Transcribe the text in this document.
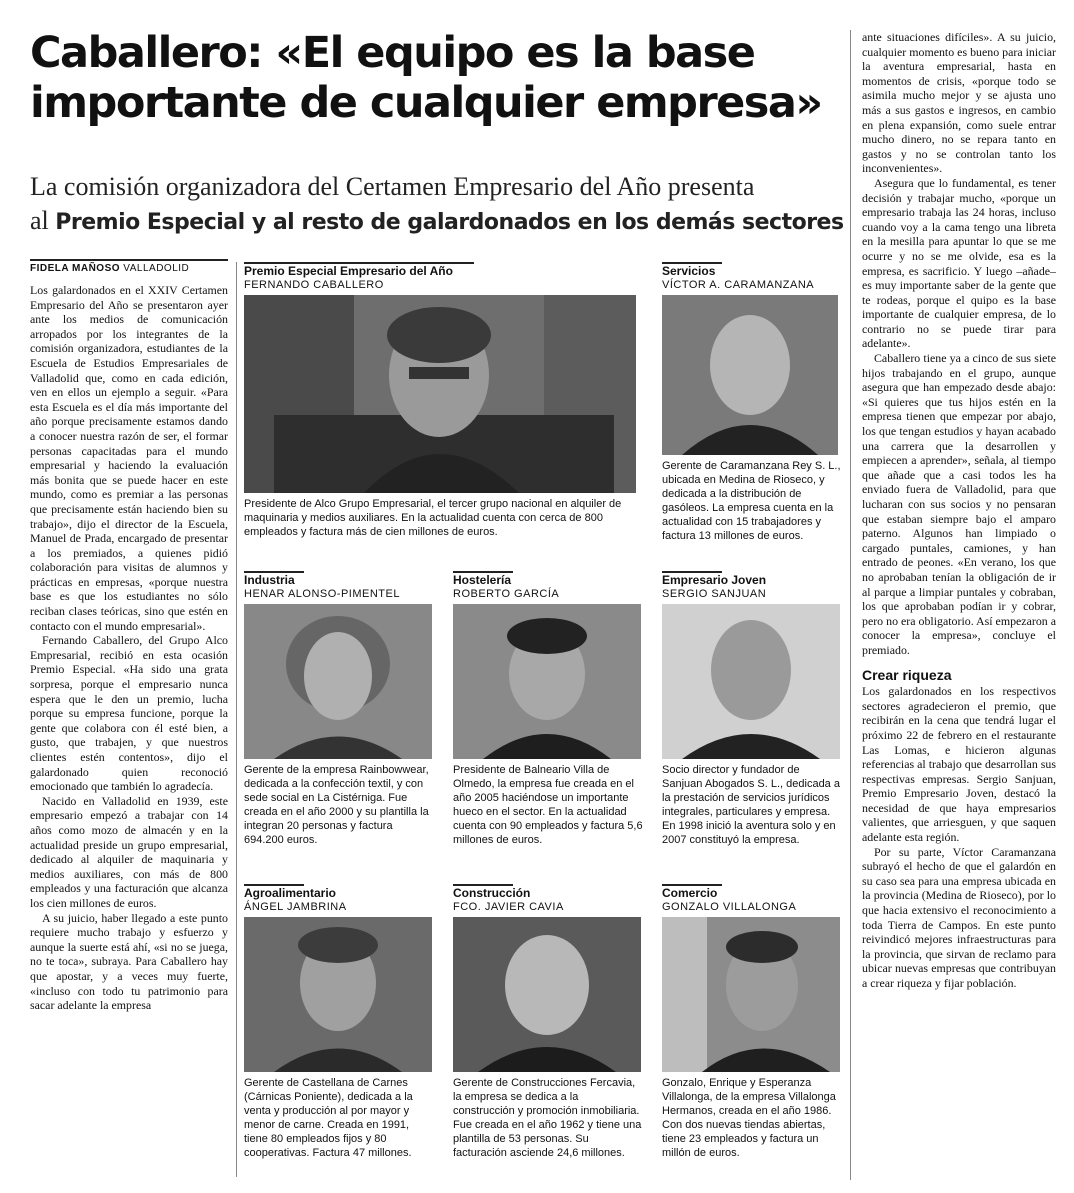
Caballero: «El equipo es la base
importante de cualquier empresa»
La comisión organizadora del Certamen Empresario del Año presenta
al Premio Especial y al resto de galardonados en los demás sectores
FIDELA MAÑOSO VALLADOLID

Los galardonados en el XXIV Certamen Empresario del Año se presentaron ayer ante los medios de comunicación arropados por los integrantes de la comisión organizadora, estudiantes de la Escuela de Estudios Empresariales de Valladolid que, como en cada edición, ven en ellos un ejemplo a seguir. «Para esta Escuela es el día más importante del año porque precisamente estamos dando a conocer nuestra razón de ser, el formar personas capacitadas para el mundo empresarial y haciendo la evaluación más bonita que se puede hacer en este mundo, como es premiar a las personas que precisamente están haciendo bien su trabajo», dijo el director de la Escuela, Manuel de Prada, encargado de presentar a los premiados, a quienes pidió colaboración para visitas de alumnos y prácticas en empresas, «porque nuestra base es que los estudiantes no sólo reciban clases teóricas, sino que estén en contacto con el mundo empresarial».

Fernando Caballero, del Grupo Alco Empresarial, recibió en esta ocasión Premio Especial. «Ha sido una grata sorpresa, porque el empresario nunca espera que le den un premio, lucha porque su empresa funcione, porque la gente que colabora con él esté bien, a gusto, que trabajen, y que nuestros clientes estén contentos», dijo el galardonado quien reconoció emocionado que también lo agradecía.

Nacido en Valladolid en 1939, este empresario empezó a trabajar con 14 años como mozo de almacén y en la actualidad preside un grupo empresarial, dedicado al alquiler de maquinaria y medios auxiliares, con más de 800 empleados y una facturación que alcanza los cien millones de euros.

A su juicio, haber llegado a este punto requiere mucho trabajo y esfuerzo y aunque la suerte está ahí, «si no se juega, no te toca», subraya. Para Caballero hay que apostar, y a veces muy fuerte, «incluso con todo tu patrimonio para sacar adelante la empresa

Premio Especial Empresario del Año
FERNANDO CABALLERO
Presidente de Alco Grupo Empresarial, el tercer grupo nacional en alquiler de maquinaria y medios auxiliares. En la actualidad cuenta con cerca de 800 empleados y factura más de cien millones de euros.
Servicios
VÍCTOR A. CARAMANZANA
Gerente de Caramanzana Rey S. L., ubicada en Medina de Rioseco, y dedicada a la distribución de gasóleos. La empresa cuenta en la actualidad con 15 trabajadores y factura 13 millones de euros.
Industria
HENAR ALONSO-PIMENTEL
Gerente de la empresa Rainbowwear, dedicada a la confección textil, y con sede social en La Cistérniga. Fue creada en el año 2000 y su plantilla la integran 20 personas y factura 694.200 euros.
Hostelería
ROBERTO GARCÍA
Presidente de Balneario Villa de Olmedo, la empresa fue creada en el año 2005 haciéndose un importante hueco en el sector. En la actualidad cuenta con 90 empleados y factura 5,6 millones de euros.
Empresario Joven
SERGIO SANJUAN
Socio director y fundador de Sanjuan Abogados S. L., dedicada a la prestación de servicios jurídicos integrales, particulares y empresa. En 1998 inició la aventura solo y en 2007 constituyó la empresa.
Agroalimentario
ÁNGEL JAMBRINA
Gerente de Castellana de Carnes (Cárnicas Poniente), dedicada a la venta y producción al por mayor y menor de carne. Creada en 1991, tiene 80 empleados fijos y 80 cooperativas. Factura 47 millones.
Construcción
FCO. JAVIER CAVIA
Gerente de Construcciones Fercavia, la empresa se dedica a la construcción y promoción inmobiliaria. Fue creada en el año 1962 y tiene una plantilla de 53 personas. Su facturación asciende 24,6 millones.
Comercio
GONZALO VILLALONGA
Gonzalo, Enrique y Esperanza Villalonga, de la empresa Villalonga Hermanos, creada en el año 1986. Con dos nuevas tiendas abiertas, tiene 23 empleados y factura un millón de euros.

ante situaciones difíciles». A su juicio, cualquier momento es bueno para iniciar la aventura empresarial, hasta en momentos de crisis, «porque todo se asimila mucho mejor y se ajusta uno más a sus gastos e ingresos, en cambio en plena expansión, como suele entrar mucho dinero, no se repara tanto en gastos y no se controlan tanto los inconvenientes».

Asegura que lo fundamental, es tener decisión y trabajar mucho, «porque un empresario trabaja las 24 horas, incluso cuando voy a la cama tengo una libreta en la mesilla para apuntar lo que se me ocurre y no se me olvide, esa es la empresa, es sacrificio. Y luego –añade– es muy importante saber de la gente que te rodeas, porque el quipo es la base importante de cualquier empresa, de lo contrario no se puede tirar para adelante».

Caballero tiene ya a cinco de sus siete hijos trabajando en el grupo, aunque asegura que han empezado desde abajo: «Si quieres que tus hijos estén en la empresa tienen que empezar por abajo, los que tengan estudios y hayan acabado una carrera que la desarrollen y empiecen a aprender», señala, al tiempo que añade que a casi todos les ha enviado fuera de Valladolid, para que lucharan con sus socios y no pensaran que estaban siempre bajo el amparo paterno. Algunos han limpiado o cargado puntales, camiones, y han entrado de peones. «En verano, los que no aprobaban tenían la obligación de ir al parque a limpiar puntales y cobraban, los que aprobaban podían ir y cobrar, pero no era obligatorio. Así empezaron a conocer la empresa», concluye el premiado.

Crear riqueza

Los galardonados en los respectivos sectores agradecieron el premio, que recibirán en la cena que tendrá lugar el próximo 22 de febrero en el restaurante Las Lomas, e hicieron algunas referencias al trabajo que desarrollan sus respectivas empresas. Sergio Sanjuan, Premio Empresario Joven, destacó la necesidad de que haya empresarios valientes, que arriesguen, y que saquen adelante esta región.

Por su parte, Víctor Caramanzana subrayó el hecho de que el galardón en su caso sea para una empresa ubicada en la provincia (Medina de Rioseco), por lo que hacia extensivo el reconocimiento a toda Tierra de Campos. En este punto reivindicó mejores infraestructuras para la provincia, que sirvan de reclamo para ubicar nuevas empresas que contribuyan a crear riqueza y fijar población.
